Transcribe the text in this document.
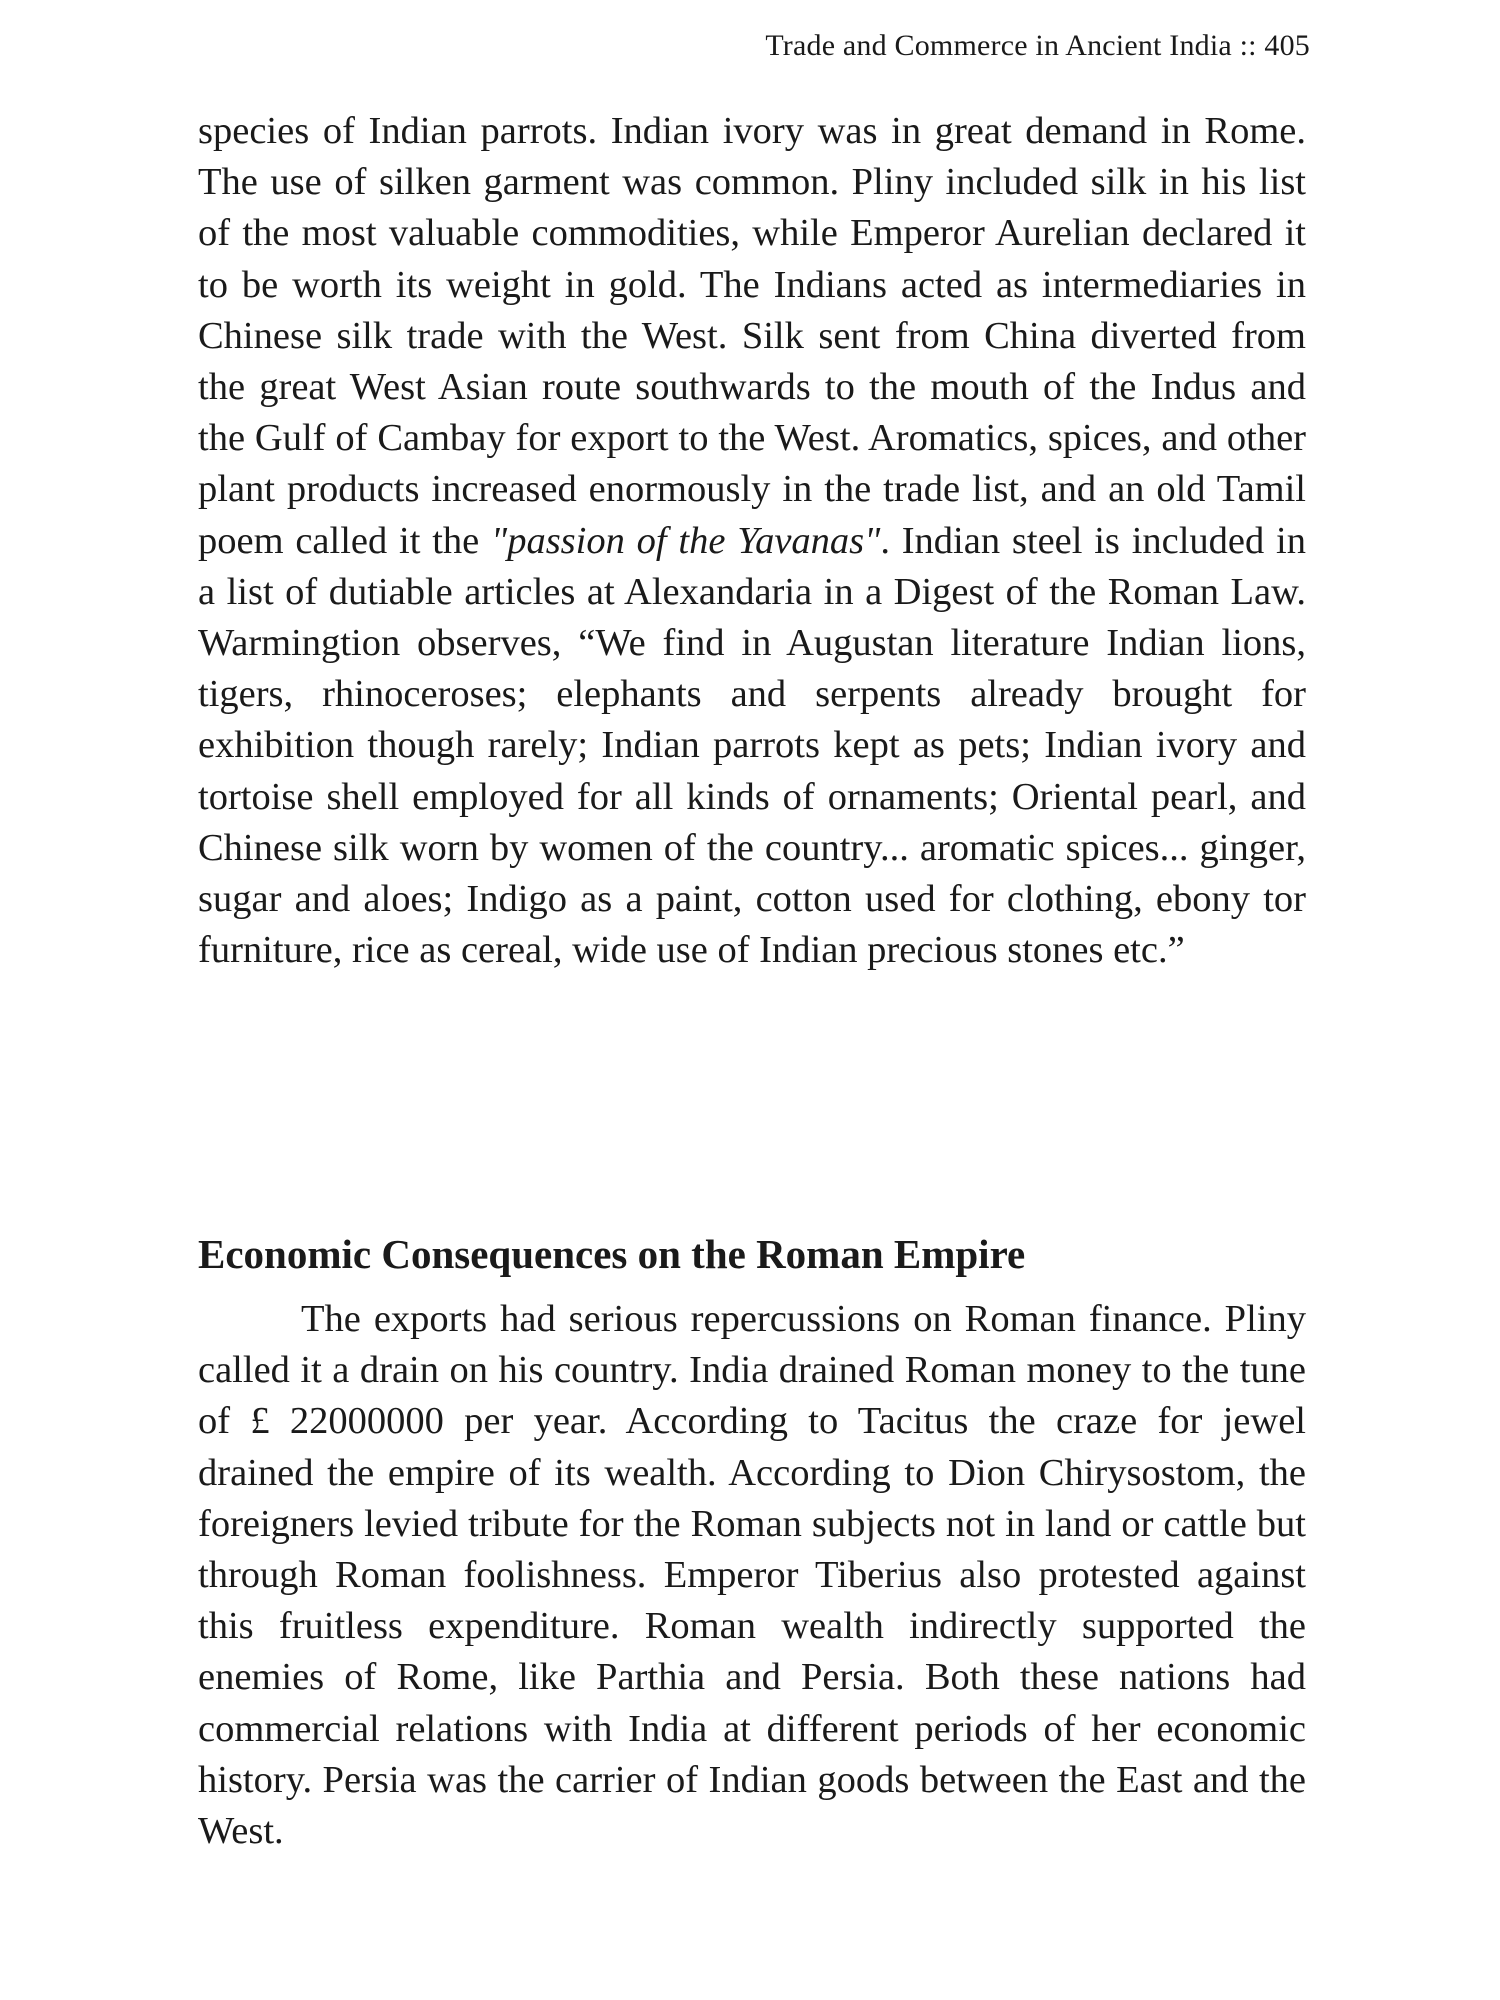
Trade and Commerce in Ancient India :: 405

species of Indian parrots. Indian ivory was in great demand in Rome. The use of silken garment was common. Pliny included silk in his list of the most valuable commodities, while Emperor Aurelian declared it to be worth its weight in gold. The Indians acted as intermediaries in Chinese silk trade with the West. Silk sent from China diverted from the great West Asian route southwards to the mouth of the Indus and the Gulf of Cambay for export to the West. Aromatics, spices, and other plant products increased enormously in the trade list, and an old Tamil poem called it the "passion of the Yavanas". Indian steel is included in a list of dutiable articles at Alexandaria in a Digest of the Roman Law. Warmingtion observes, “We find in Augustan literature Indian lions, tigers, rhinoceroses; elephants and serpents already brought for exhibition though rarely; Indian parrots kept as pets; Indian ivory and tortoise shell employed for all kinds of ornaments; Oriental pearl, and Chinese silk worn by women of the country... aromatic spices... ginger, sugar and aloes; Indigo as a paint, cotton used for clothing, ebony tor furniture, rice as cereal, wide use of Indian precious stones etc.”

Economic Consequences on the Roman Empire

The exports had serious repercussions on Roman finance. Pliny called it a drain on his country. India drained Roman money to the tune of £ 22000000 per year. According to Tacitus the craze for jewel drained the empire of its wealth. According to Dion Chirysostom, the foreigners levied tribute for the Roman subjects not in land or cattle but through Roman foolishness. Emperor Tiberius also protested against this fruitless expenditure. Roman wealth indirectly supported the enemies of Rome, like Parthia and Persia. Both these nations had commercial relations with India at different periods of her economic history. Persia was the carrier of Indian goods between the East and the West.
